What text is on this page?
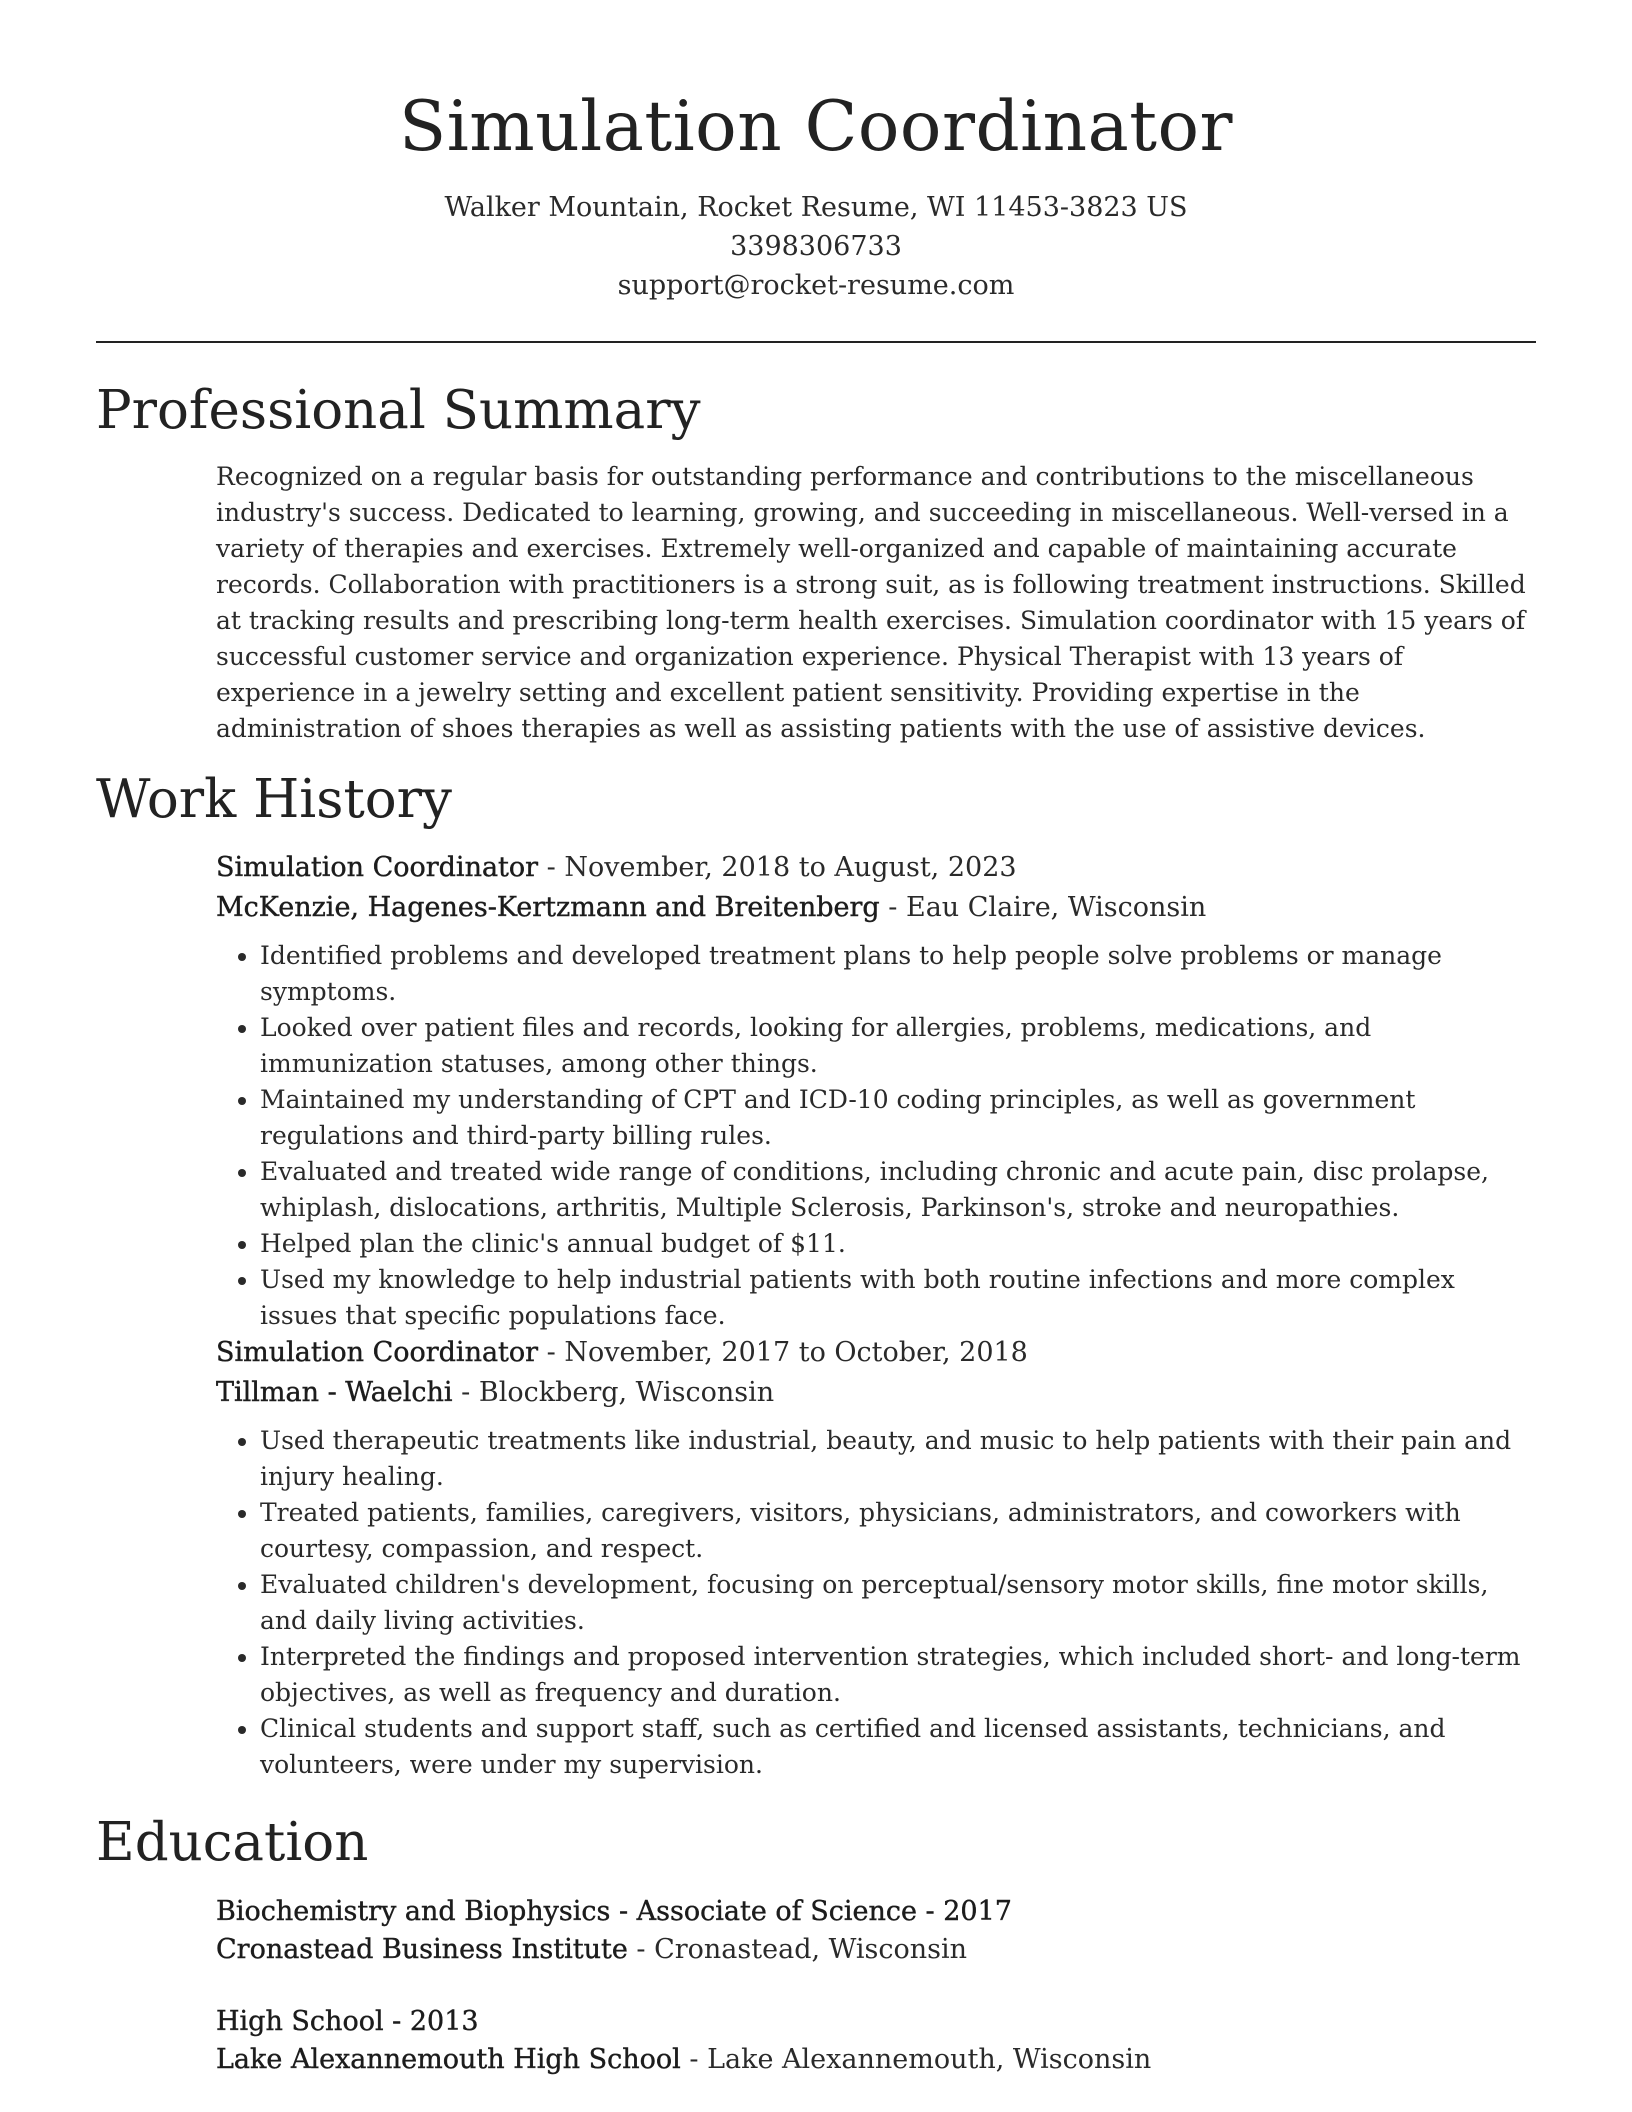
Simulation Coordinator
Walker Mountain, Rocket Resume, WI 11453-3823 US
3398306733
support@rocket-resume.com
Professional Summary

Recognized on a regular basis for outstanding performance and contributions to the miscellaneous industry's success. Dedicated to learning, growing, and succeeding in miscellaneous. Well-versed in a variety of therapies and exercises. Extremely well-organized and capable of maintaining accurate records. Collaboration with practitioners is a strong suit, as is following treatment instructions. Skilled at tracking results and prescribing long-term health exercises. Simulation coordinator with 15 years of successful customer service and organization experience. Physical Therapist with 13 years of experience in a jewelry setting and excellent patient sensitivity. Providing expertise in the administration of shoes therapies as well as assisting patients with the use of assistive devices.

Work History
Simulation Coordinator - November, 2018 to August, 2023
McKenzie, Hagenes-Kertzmann and Breitenberg - Eau Claire, Wisconsin
• Identified problems and developed treatment plans to help people solve problems or manage symptoms.
• Looked over patient files and records, looking for allergies, problems, medications, and immunization statuses, among other things.
• Maintained my understanding of CPT and ICD-10 coding principles, as well as government regulations and third-party billing rules.
• Evaluated and treated wide range of conditions, including chronic and acute pain, disc prolapse, whiplash, dislocations, arthritis, Multiple Sclerosis, Parkinson's, stroke and neuropathies.
• Helped plan the clinic's annual budget of $11.
• Used my knowledge to help industrial patients with both routine infections and more complex issues that specific populations face.
Simulation Coordinator - November, 2017 to October, 2018
Tillman - Waelchi - Blockberg, Wisconsin
• Used therapeutic treatments like industrial, beauty, and music to help patients with their pain and injury healing.
• Treated patients, families, caregivers, visitors, physicians, administrators, and coworkers with courtesy, compassion, and respect.
• Evaluated children's development, focusing on perceptual/sensory motor skills, fine motor skills, and daily living activities.
• Interpreted the findings and proposed intervention strategies, which included short- and long-term objectives, as well as frequency and duration.
• Clinical students and support staff, such as certified and licensed assistants, technicians, and volunteers, were under my supervision.
Education
Biochemistry and Biophysics - Associate of Science - 2017
Cronastead Business Institute - Cronastead, Wisconsin
High School - 2013
Lake Alexannemouth High School - Lake Alexannemouth, Wisconsin
